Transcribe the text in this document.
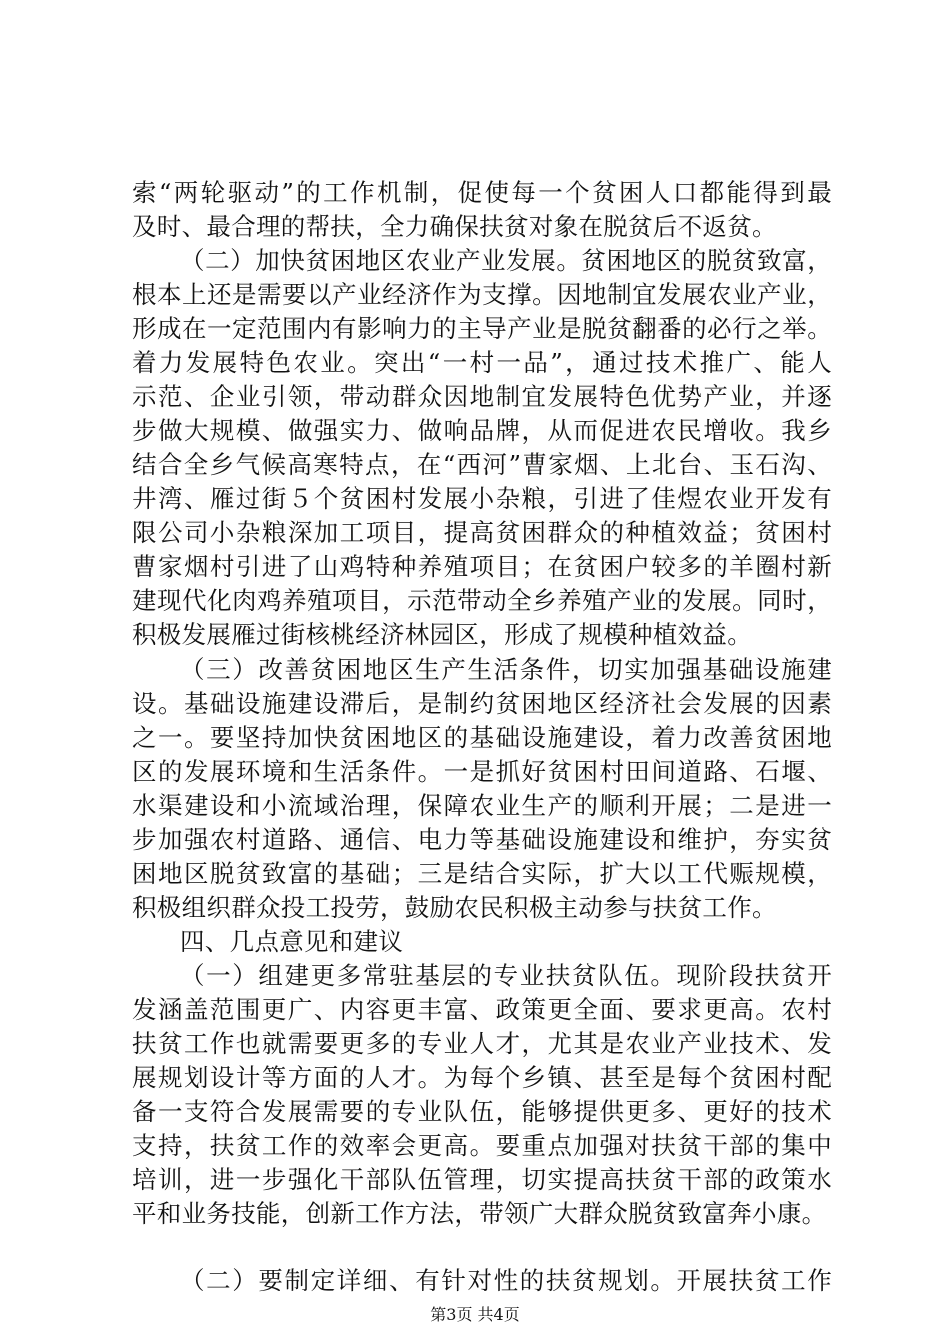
索“两轮驱动”的工作机制，促使每一个贫困人口都能得到最
及时、最合理的帮扶，全力确保扶贫对象在脱贫后不返贫。
（二）加快贫困地区农业产业发展。贫困地区的脱贫致富，
根本上还是需要以产业经济作为支撑。因地制宜发展农业产业，
形成在一定范围内有影响力的主导产业是脱贫翻番的必行之举。
着力发展特色农业。突出“一村一品”，通过技术推广、能人
示范、企业引领，带动群众因地制宜发展特色优势产业，并逐
步做大规模、做强实力、做响品牌，从而促进农民增收。我乡
结合全乡气候高寒特点，在“西河”曹家烟、上北台、玉石沟、
井湾、雁过街５个贫困村发展小杂粮，引进了佳煜农业开发有
限公司小杂粮深加工项目，提高贫困群众的种植效益；贫困村
曹家烟村引进了山鸡特种养殖项目；在贫困户较多的羊圈村新
建现代化肉鸡养殖项目，示范带动全乡养殖产业的发展。同时，
积极发展雁过街核桃经济林园区，形成了规模种植效益。
（三）改善贫困地区生产生活条件，切实加强基础设施建
设。基础设施建设滞后，是制约贫困地区经济社会发展的因素
之一。要坚持加快贫困地区的基础设施建设，着力改善贫困地
区的发展环境和生活条件。一是抓好贫困村田间道路、石堰、
水渠建设和小流域治理，保障农业生产的顺利开展；二是进一
步加强农村道路、通信、电力等基础设施建设和维护，夯实贫
困地区脱贫致富的基础；三是结合实际，扩大以工代赈规模，
积极组织群众投工投劳，鼓励农民积极主动参与扶贫工作。
四、几点意见和建议
（一）组建更多常驻基层的专业扶贫队伍。现阶段扶贫开
发涵盖范围更广、内容更丰富、政策更全面、要求更高。农村
扶贫工作也就需要更多的专业人才，尤其是农业产业技术、发
展规划设计等方面的人才。为每个乡镇、甚至是每个贫困村配
备一支符合发展需要的专业队伍，能够提供更多、更好的技术
支持，扶贫工作的效率会更高。要重点加强对扶贫干部的集中
培训，进一步强化干部队伍管理，切实提高扶贫干部的政策水
平和业务技能，创新工作方法，带领广大群众脱贫致富奔小康。
（二）要制定详细、有针对性的扶贫规划。开展扶贫工作
第3页 共4页
